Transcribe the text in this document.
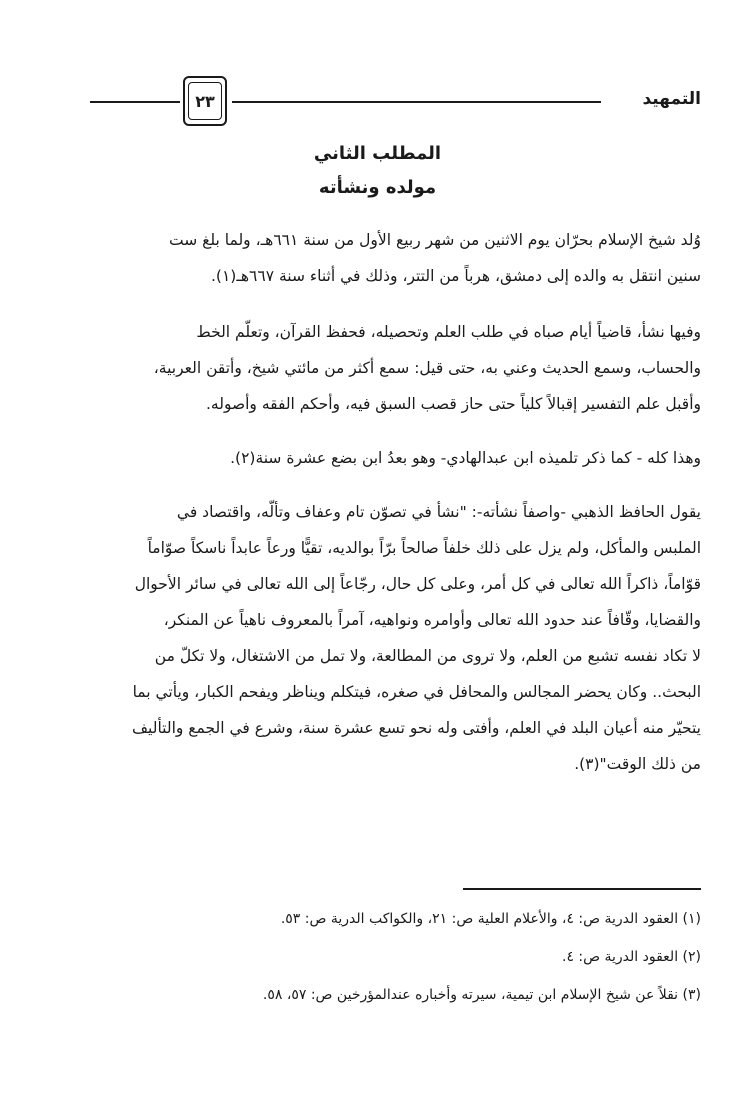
التمهيد
٢٣
المطلب الثاني
مولده ونشأته
وُلد شيخ الإسلام بحرّان يوم الاثنين من شهر ربيع الأول من سنة ٦٦١هـ، ولما بلغ ست
سنين انتقل به والده إلى دمشق، هرباً من التتر، وذلك في أثناء سنة ٦٦٧هـ(١).
وفيها نشأ، قاضياً أيام صباه في طلب العلم وتحصيله، فحفظ القرآن، وتعلّم الخط
والحساب، وسمع الحديث وعني به، حتى قيل: سمع أكثر من مائتي شيخ، وأتقن العربية،
وأقبل علم التفسير إقبالاً كلياً حتى حاز قصب السبق فيه، وأحكم الفقه وأصوله.
وهذا كله - كما ذكر تلميذه ابن عبدالهادي- وهو بعدُ ابن بضع عشرة سنة(٢).
يقول الحافظ الذهبي -واصفاً نشأته-: "نشأ في تصوّن تام وعفاف وتألّه، واقتصاد في
الملبس والمأكل، ولم يزل على ذلك خلفاً صالحاً برّاً بوالديه، تقيًّا ورعاً عابداً ناسكاً صوّاماً
قوّاماً، ذاكراً الله تعالى في كل أمر، وعلى كل حال، رجّاعاً إلى الله تعالى في سائر الأحوال
والقضايا، وقّافاً عند حدود الله تعالى وأوامره ونواهيه، آمراً بالمعروف ناهياً عن المنكر،
لا تكاد نفسه تشبع من العلم، ولا تروى من المطالعة، ولا تمل من الاشتغال، ولا تكلّ من
البحث.. وكان يحضر المجالس والمحافل في صغره، فيتكلم ويناظر ويفحم الكبار، ويأتي بما
يتحيّر منه أعيان البلد في العلم، وأفتى وله نحو تسع عشرة سنة، وشرع في الجمع والتأليف
من ذلك الوقت"(٣).
(١) العقود الدرية ص: ٤، والأعلام العلية ص: ٢١، والكواكب الدرية ص: ٥٣.
(٢) العقود الدرية ص: ٤.
(٣) نقلاً عن شيخ الإسلام ابن تيمية، سيرته وأخباره عندالمؤرخين ص: ٥٧، ٥٨.
